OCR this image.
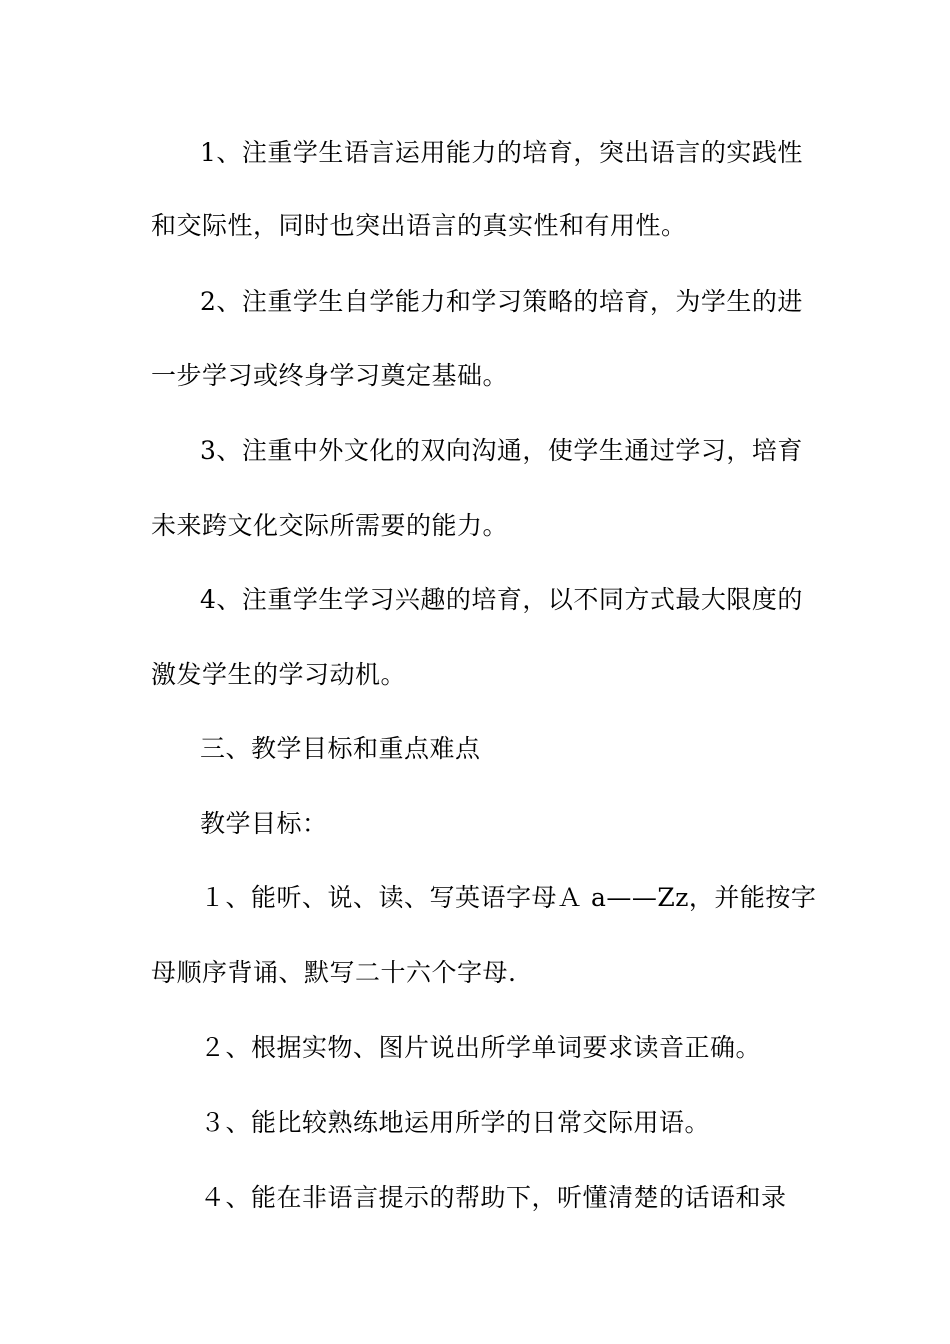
1、注重学生语言运用能力的培育，突出语言的实践性
和交际性，同时也突出语言的真实性和有用性。
2、注重学生自学能力和学习策略的培育，为学生的进
一步学习或终身学习奠定基础。
3、注重中外文化的双向沟通，使学生通过学习，培育
未来跨文化交际所需要的能力。
4、注重学生学习兴趣的培育，以不同方式最大限度的
激发学生的学习动机。
三、教学目标和重点难点
教学目标：
１、能听、说、读、写英语字母Ａ a——Zz，并能按字
母顺序背诵、默写二十六个字母.
２、根据实物、图片说出所学单词要求读音正确。
３、能比较熟练地运用所学的日常交际用语。
４、能在非语言提示的帮助下，听懂清楚的话语和录
